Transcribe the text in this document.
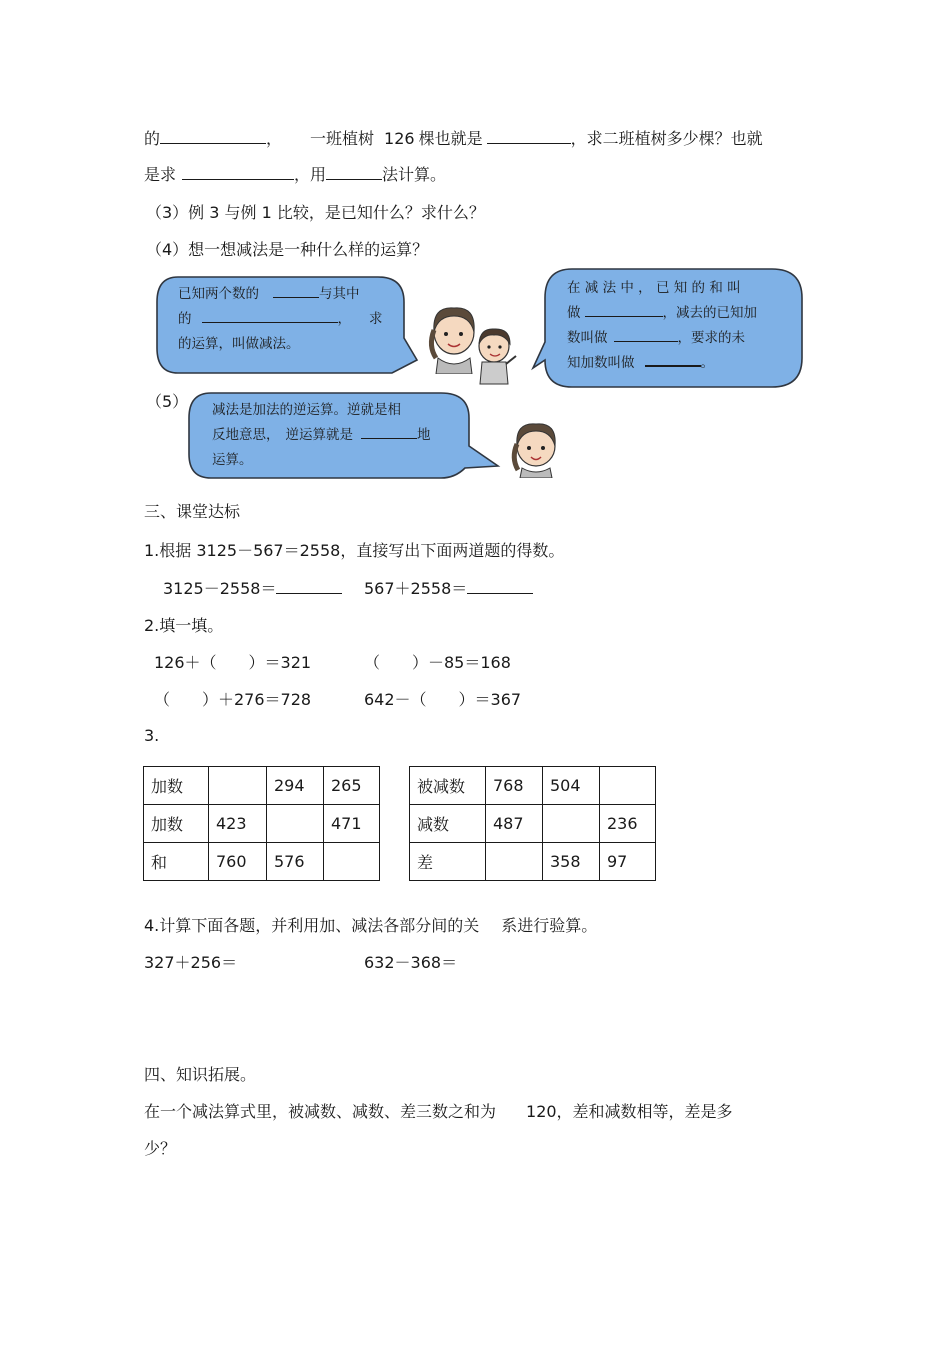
的	， 一班植树 126 棵也就是	，求二班植树多少棵？也就
是求	，用	法计算。
（3）例 3 与例 1 比较，是已知什么？求什么？
（4）想一想减法是一种什么样的运算？
已知两个数的	与其中
的	， 求
的运算，叫做减法。
在 减 法 中 ， 已 知 的 和 叫
做	，减去的已知加
数叫做	，要求的未
知加数叫做	。
（5） 减法是加法的逆运算。逆就是相
反地意思， 逆运算就是	地
运算。
三、课堂达标
1.根据 3125－567＝2558，直接写出下面两道题的得数。
3125－2558＝	567＋2558＝
2.填一填。
126＋（　　）＝321	（　　）－85＝168
（　　）＋276＝728	642－（　　）＝367
3.
加数		294	265
加数	423		471
和	760	576	
被减数	768	504	
减数	487		236
差		358	97
4.计算下面各题，并利用加、减法各部分间的关 系进行验算。
327＋256＝	632－368＝
四、知识拓展。
在一个减法算式里，被减数、减数、差三数之和为 120，差和减数相等，差是多
少？
